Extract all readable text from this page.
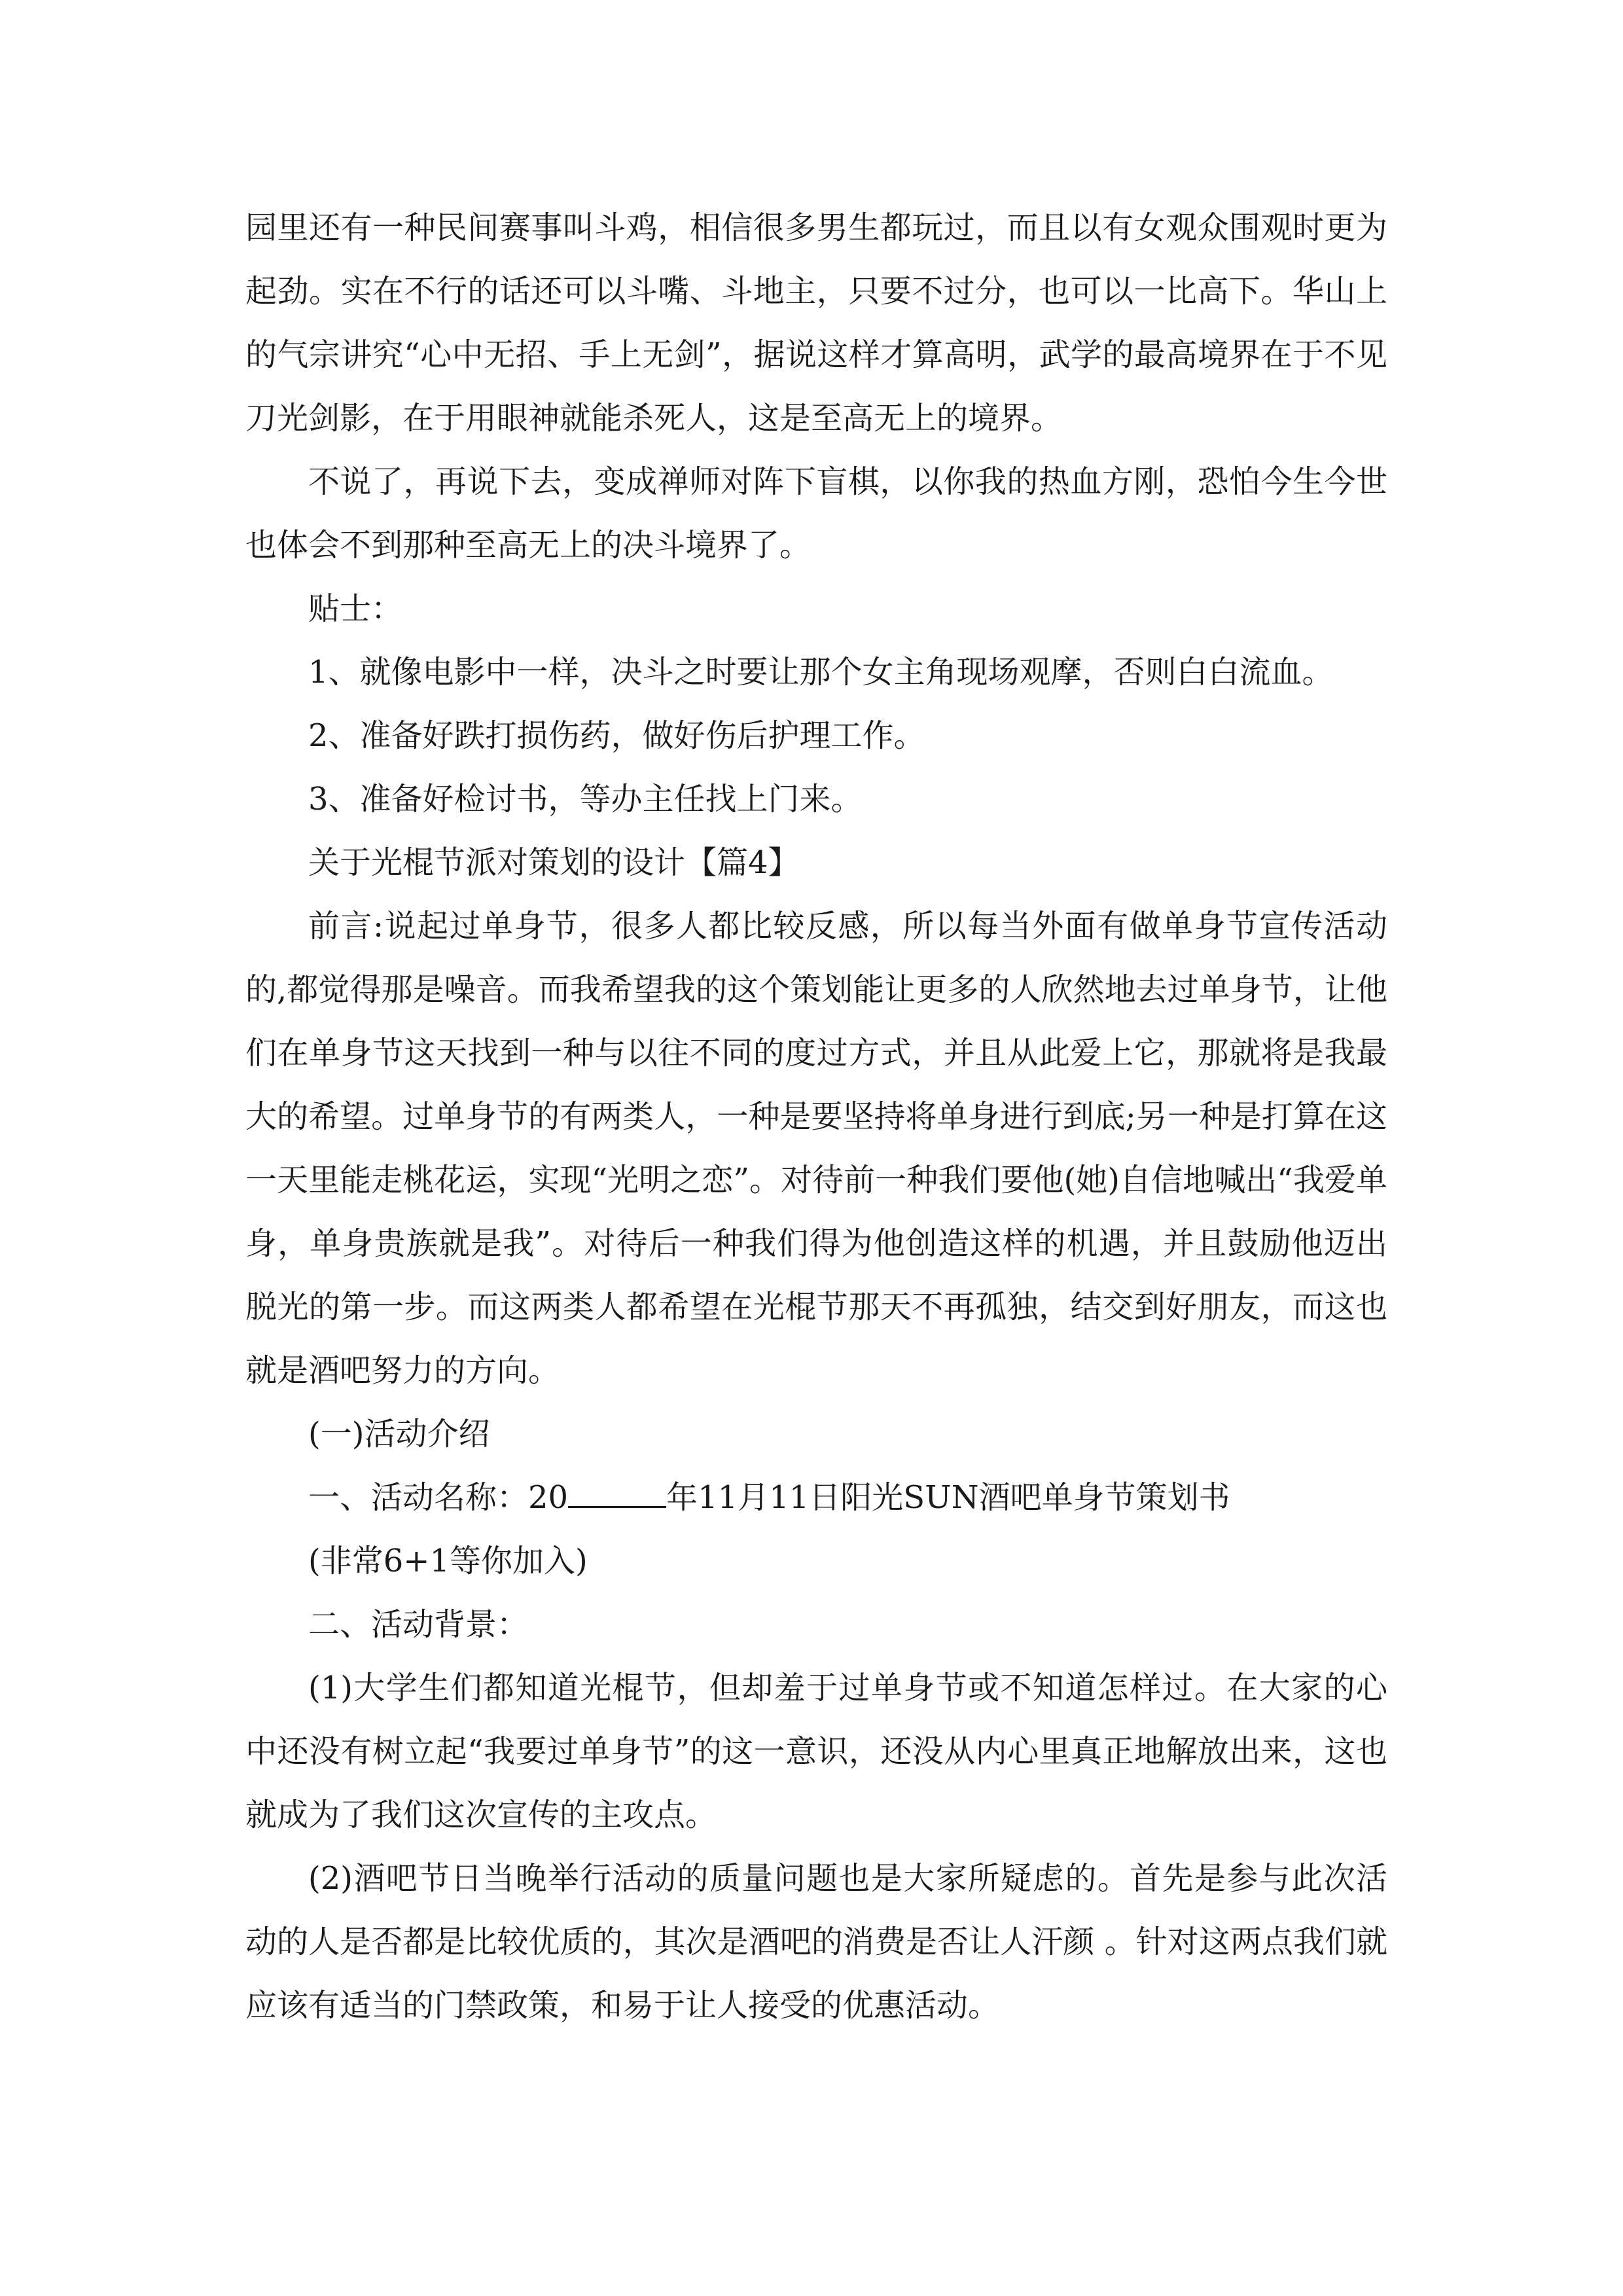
园里还有一种民间赛事叫斗鸡，相信很多男生都玩过，而且以有女观众围观时更为起劲。实在不行的话还可以斗嘴、斗地主，只要不过分，也可以一比高下。华山上的气宗讲究“心中无招、手上无剑”，据说这样才算高明，武学的最高境界在于不见刀光剑影，在于用眼神就能杀死人，这是至高无上的境界。

不说了，再说下去，变成禅师对阵下盲棋，以你我的热血方刚，恐怕今生今世也体会不到那种至高无上的决斗境界了。

贴士：

1、就像电影中一样，决斗之时要让那个女主角现场观摩，否则白白流血。

2、准备好跌打损伤药，做好伤后护理工作。

3、准备好检讨书，等办主任找上门来。

关于光棍节派对策划的设计【篇4】

前言:说起过单身节，很多人都比较反感，所以每当外面有做单身节宣传活动的,都觉得那是噪音。而我希望我的这个策划能让更多的人欣然地去过单身节，让他们在单身节这天找到一种与以往不同的度过方式，并且从此爱上它，那就将是我最大的希望。过单身节的有两类人，一种是要坚持将单身进行到底;另一种是打算在这一天里能走桃花运，实现“光明之恋”。对待前一种我们要他(她)自信地喊出“我爱单身，单身贵族就是我”。对待后一种我们得为他创造这样的机遇，并且鼓励他迈出脱光的第一步。而这两类人都希望在光棍节那天不再孤独，结交到好朋友，而这也就是酒吧努力的方向。

(一)活动介绍

一、活动名称：20	年11月11日阳光SUN酒吧单身节策划书

(非常6+1等你加入)

二、活动背景：

(1)大学生们都知道光棍节，但却羞于过单身节或不知道怎样过。在大家的心中还没有树立起“我要过单身节”的这一意识，还没从内心里真正地解放出来，这也就成为了我们这次宣传的主攻点。

(2)酒吧节日当晚举行活动的质量问题也是大家所疑虑的。首先是参与此次活动的人是否都是比较优质的，其次是酒吧的消费是否让人汗颜 。针对这两点我们就应该有适当的门禁政策，和易于让人接受的优惠活动。
